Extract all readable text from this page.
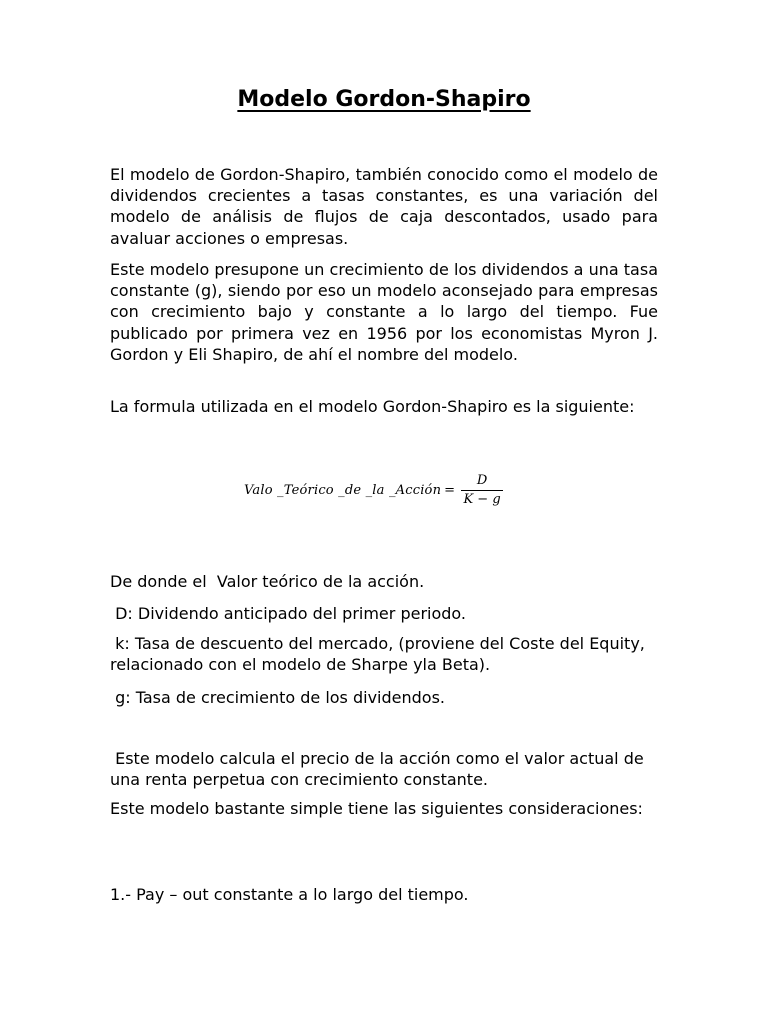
Modelo Gordon-Shapiro

El modelo de Gordon-Shapiro, también conocido como el modelo de dividendos crecientes a tasas constantes, es una variación del modelo de análisis de flujos de caja descontados, usado para avaluar acciones o empresas.

Este modelo presupone un crecimiento de los dividendos a una tasa constante (g), siendo por eso un modelo aconsejado para empresas con crecimiento bajo y constante a lo largo del tiempo. Fue publicado por primera vez en 1956 por los economistas Myron J. Gordon y Eli Shapiro, de ahí el nombre del modelo.

La formula utilizada en el modelo Gordon-Shapiro es la siguiente:

Valo _Teórico _de _la _Acción = $\frac{D}{K - g}$

De donde el  Valor teórico de la acción.

D: Dividendo anticipado del primer periodo.

k: Tasa de descuento del mercado, (proviene del Coste del Equity, relacionado con el modelo de Sharpe yla Beta).

g: Tasa de crecimiento de los dividendos.

Este modelo calcula el precio de la acción como el valor actual de una renta perpetua con crecimiento constante.

Este modelo bastante simple tiene las siguientes consideraciones:

1.- Pay – out constante a lo largo del tiempo.
